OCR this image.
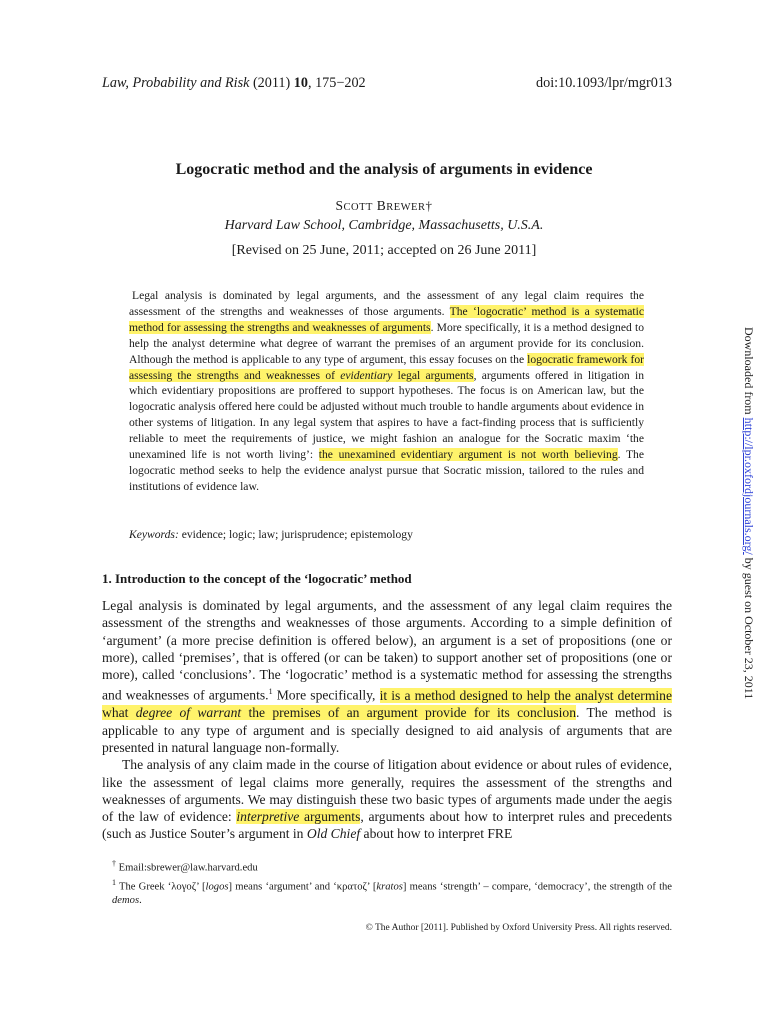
Law, Probability and Risk (2011) 10, 175−202	doi:10.1093/lpr/mgr013
Logocratic method and the analysis of arguments in evidence
SCOTT BREWER†
Harvard Law School, Cambridge, Massachusetts, U.S.A.
[Revised on 25 June, 2011; accepted on 26 June 2011]
Legal analysis is dominated by legal arguments, and the assessment of any legal claim requires the assessment of the strengths and weaknesses of those arguments. The ‘logocratic’ method is a systematic method for assessing the strengths and weaknesses of arguments. More specifically, it is a method designed to help the analyst determine what degree of warrant the premises of an argument provide for its conclusion. Although the method is applicable to any type of argument, this essay focuses on the logocratic framework for assessing the strengths and weaknesses of evidentiary legal arguments, arguments offered in litigation in which evidentiary propositions are proffered to support hypotheses. The focus is on American law, but the logocratic analysis offered here could be adjusted without much trouble to handle arguments about evidence in other systems of litigation. In any legal system that aspires to have a fact-finding process that is sufficiently reliable to meet the requirements of justice, we might fashion an analogue for the Socratic maxim ‘the unexamined life is not worth living’: the unexamined evidentiary argument is not worth believing. The logocratic method seeks to help the evidence analyst pursue that Socratic mission, tailored to the rules and institutions of evidence law.
Keywords: evidence; logic; law; jurisprudence; epistemology
1. Introduction to the concept of the ‘logocratic’ method

Legal analysis is dominated by legal arguments, and the assessment of any legal claim requires the assessment of the strengths and weaknesses of those arguments. According to a simple definition of ‘argument’ (a more precise definition is offered below), an argument is a set of propositions (one or more), called ‘premises’, that is offered (or can be taken) to support another set of propositions (one or more), called ‘conclusions’. The ‘logocratic’ method is a systematic method for assessing the strengths and weaknesses of arguments.$^1$ More specifically, it is a method designed to help the analyst determine what degree of warrant the premises of an argument provide for its conclusion. The method is applicable to any type of argument and is specially designed to aid analysis of arguments that are presented in natural language non-formally.

The analysis of any claim made in the course of litigation about evidence or about rules of evidence, like the assessment of legal claims more generally, requires the assessment of the strengths and weaknesses of arguments. We may distinguish these two basic types of arguments made under the aegis of the law of evidence: interpretive arguments, arguments about how to interpret rules and precedents (such as Justice Souter’s argument in Old Chief about how to interpret FRE

† Email:sbrewer@law.harvard.edu
$^1$ The Greek ‘λογοζ’ [logos] means ‘argument’ and ‘κρατοζ’ [kratos] means ‘strength’ – compare, ‘democracy’, the strength of the demos.
© The Author [2011]. Published by Oxford University Press. All rights reserved.
Downloaded from http://lpr.oxfordjournals.org/ by guest on October 23, 2011
